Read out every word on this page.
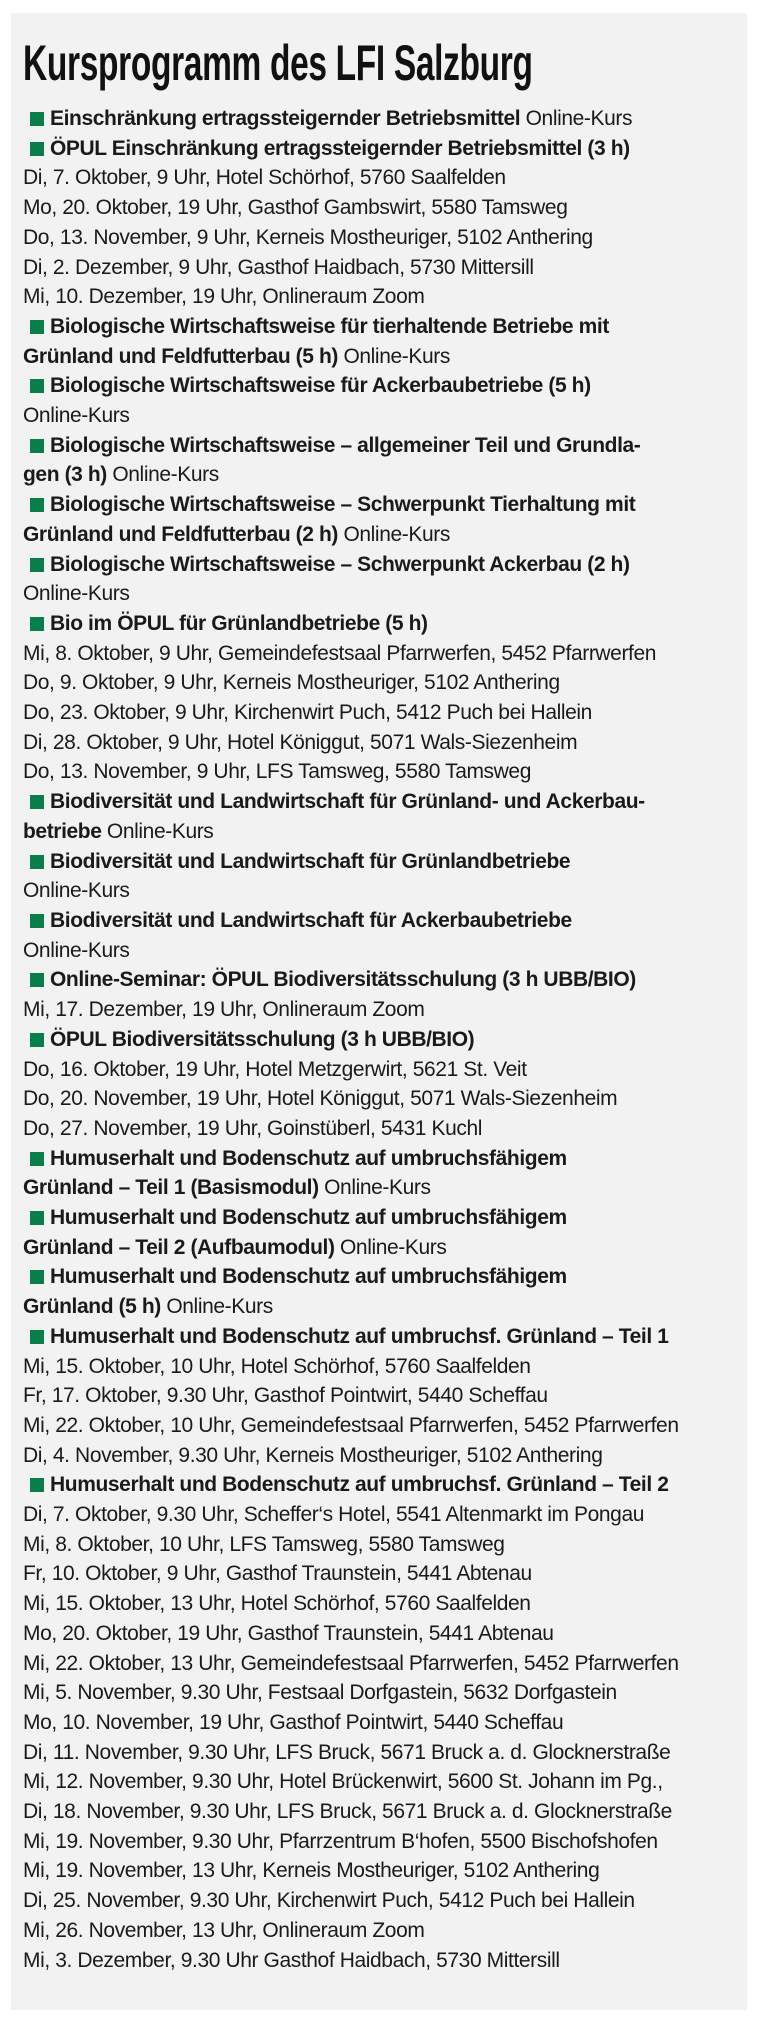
Kursprogramm des LFI Salzburg
Einschränkung ertragssteigernder Betriebsmittel Online-Kurs
ÖPUL Einschränkung ertragssteigernder Betriebsmittel (3 h)
Di, 7. Oktober, 9 Uhr, Hotel Schörhof, 5760 Saalfelden
Mo, 20. Oktober, 19 Uhr, Gasthof Gambswirt, 5580 Tamsweg
Do, 13. November, 9 Uhr, Kerneis Mostheuriger, 5102 Anthering
Di, 2. Dezember, 9 Uhr, Gasthof Haidbach, 5730 Mittersill
Mi, 10. Dezember, 19 Uhr, Onlineraum Zoom
Biologische Wirtschaftsweise für tierhaltende Betriebe mit
Grünland und Feldfutterbau (5 h) Online-Kurs
Biologische Wirtschaftsweise für Ackerbaubetriebe (5 h)
Online-Kurs
Biologische Wirtschaftsweise – allgemeiner Teil und Grundla-
gen (3 h) Online-Kurs
Biologische Wirtschaftsweise – Schwerpunkt Tierhaltung mit
Grünland und Feldfutterbau (2 h) Online-Kurs
Biologische Wirtschaftsweise – Schwerpunkt Ackerbau (2 h)
Online-Kurs
Bio im ÖPUL für Grünlandbetriebe (5 h)
Mi, 8. Oktober, 9 Uhr, Gemeindefestsaal Pfarrwerfen, 5452 Pfarrwerfen
Do, 9. Oktober, 9 Uhr, Kerneis Mostheuriger, 5102 Anthering
Do, 23. Oktober, 9 Uhr, Kirchenwirt Puch, 5412 Puch bei Hallein
Di, 28. Oktober, 9 Uhr, Hotel Königgut, 5071 Wals-Siezenheim
Do, 13. November, 9 Uhr, LFS Tamsweg, 5580 Tamsweg
Biodiversität und Landwirtschaft für Grünland- und Ackerbau-
betriebe Online-Kurs
Biodiversität und Landwirtschaft für Grünlandbetriebe
Online-Kurs
Biodiversität und Landwirtschaft für Ackerbaubetriebe
Online-Kurs
Online-Seminar: ÖPUL Biodiversitätsschulung (3 h UBB/BIO)
Mi, 17. Dezember, 19 Uhr, Onlineraum Zoom
ÖPUL Biodiversitätsschulung (3 h UBB/BIO)
Do, 16. Oktober, 19 Uhr, Hotel Metzgerwirt, 5621 St. Veit
Do, 20. November, 19 Uhr, Hotel Königgut, 5071 Wals-Siezenheim
Do, 27. November, 19 Uhr, Goinstüberl, 5431 Kuchl
Humuserhalt und Bodenschutz auf umbruchsfähigem
Grünland – Teil 1 (Basismodul) Online-Kurs
Humuserhalt und Bodenschutz auf umbruchsfähigem
Grünland – Teil 2 (Aufbaumodul) Online-Kurs
Humuserhalt und Bodenschutz auf umbruchsfähigem
Grünland (5 h) Online-Kurs
Humuserhalt und Bodenschutz auf umbruchsf. Grünland – Teil 1
Mi, 15. Oktober, 10 Uhr, Hotel Schörhof, 5760 Saalfelden
Fr, 17. Oktober, 9.30 Uhr, Gasthof Pointwirt, 5440 Scheffau
Mi, 22. Oktober, 10 Uhr, Gemeindefestsaal Pfarrwerfen, 5452 Pfarrwerfen
Di, 4. November, 9.30 Uhr, Kerneis Mostheuriger, 5102 Anthering
Humuserhalt und Bodenschutz auf umbruchsf. Grünland – Teil 2
Di, 7. Oktober, 9.30 Uhr, Scheffer‘s Hotel, 5541 Altenmarkt im Pongau
Mi, 8. Oktober, 10 Uhr, LFS Tamsweg, 5580 Tamsweg
Fr, 10. Oktober, 9 Uhr, Gasthof Traunstein, 5441 Abtenau
Mi, 15. Oktober, 13 Uhr, Hotel Schörhof, 5760 Saalfelden
Mo, 20. Oktober, 19 Uhr, Gasthof Traunstein, 5441 Abtenau
Mi, 22. Oktober, 13 Uhr, Gemeindefestsaal Pfarrwerfen, 5452 Pfarrwerfen
Mi, 5. November, 9.30 Uhr, Festsaal Dorfgastein, 5632 Dorfgastein
Mo, 10. November, 19 Uhr, Gasthof Pointwirt, 5440 Scheffau
Di, 11. November, 9.30 Uhr, LFS Bruck, 5671 Bruck a. d. Glocknerstraße
Mi, 12. November, 9.30 Uhr, Hotel Brückenwirt, 5600 St. Johann im Pg.,
Di, 18. November, 9.30 Uhr, LFS Bruck, 5671 Bruck a. d. Glocknerstraße
Mi, 19. November, 9.30 Uhr, Pfarrzentrum B‘hofen, 5500 Bischofshofen
Mi, 19. November, 13 Uhr, Kerneis Mostheuriger, 5102 Anthering
Di, 25. November, 9.30 Uhr, Kirchenwirt Puch, 5412 Puch bei Hallein
Mi, 26. November, 13 Uhr, Onlineraum Zoom
Mi, 3. Dezember, 9.30 Uhr Gasthof Haidbach, 5730 Mittersill
